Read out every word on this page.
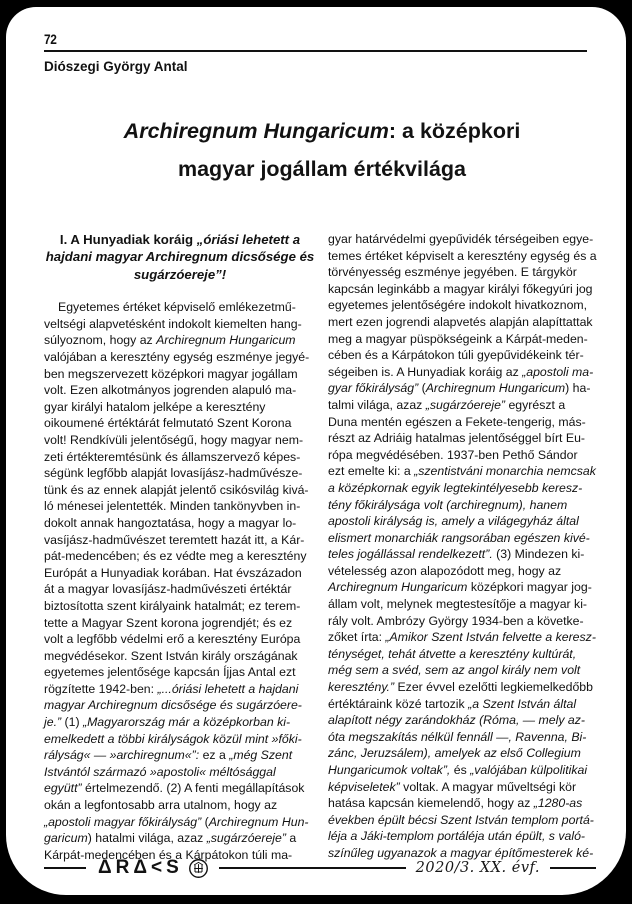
72
Diószegi György Antal
Archiregnum Hungaricum: a középkori
magyar jogállam értékvilága
I. A Hunyadiak koráig „óriási lehetett a
hajdani magyar Archiregnum dicsősége és
sugárzóereje”!
Egyetemes értéket képviselő emlékezetmű-
veltségi alapvetésként indokolt kiemelten hang-
súlyoznom, hogy az Archiregnum Hungaricum
valójában a keresztény egység eszménye jegyé-
ben megszervezett középkori magyar jogállam
volt. Ezen alkotmányos jogrenden alapuló ma-
gyar királyi hatalom jelképe a keresztény
oikoumené értéktárát felmutató Szent Korona
volt! Rendkívüli jelentőségű, hogy magyar nem-
zeti értékteremtésünk és államszervező képes-
ségünk legfőbb alapját lovasíjász-hadművésze-
tünk és az ennek alapját jelentő csikósvilág kivá-
ló ménesei jelentették. Minden tankönyvben in-
dokolt annak hangoztatása, hogy a magyar lo-
vasíjász-hadművészet teremtett hazát itt, a Kár-
pát-medencében; és ez védte meg a keresztény
Európát a Hunyadiak korában. Hat évszázadon
át a magyar lovasíjász-hadművészeti értéktár
biztosította szent királyaink hatalmát; ez terem-
tette a Magyar Szent korona jogrendjét; és ez
volt a legfőbb védelmi erő a keresztény Európa
megvédésekor. Szent István király országának
egyetemes jelentősége kapcsán Íjjas Antal ezt
rögzítette 1942-ben: „...óriási lehetett a hajdani
magyar Archiregnum dicsősége és sugárzóere-
je.” (1) „Magyarország már a középkorban ki-
emelkedett a többi királyságok közül mint »főki-
rályság« — »archiregnum«”: ez a „még Szent
Istvántól származó »apostoli« méltósággal
együtt” értelmezendő. (2) A fenti megállapítások
okán a legfontosabb arra utalnom, hogy az
„apostoli magyar főkirályság” (Archiregnum Hun-
garicum) hatalmi világa, azaz „sugárzóereje” a
Kárpát-medencében és a Kárpátokon túli ma-
gyar határvédelmi gyepűvidék térségeiben egye-
temes értéket képviselt a keresztény egység és a
törvényesség eszménye jegyében. E tárgykör
kapcsán leginkább a magyar királyi főkegyúri jog
egyetemes jelentőségére indokolt hivatkoznom,
mert ezen jogrendi alapvetés alapján alapíttattak
meg a magyar püspökségeink a Kárpát-meden-
cében és a Kárpátokon túli gyepűvidékeink tér-
ségeiben is. A Hunyadiak koráig az „apostoli ma-
gyar főkirályság” (Archiregnum Hungaricum) ha-
talmi világa, azaz „sugárzóereje” egyrészt a
Duna mentén egészen a Fekete-tengerig, más-
részt az Adriáig hatalmas jelentőséggel bírt Eu-
rópa megvédésében. 1937-ben Pethő Sándor
ezt emelte ki: a „szentistváni monarchia nemcsak
a középkornak egyik legtekintélyesebb keresz-
tény főkirálysága volt (archiregnum), hanem
apostoli királyság is, amely a világegyház által
elismert monarchiák rangsorában egészen kivé-
teles jogállással rendelkezett”. (3) Mindezen ki-
vételesség azon alapozódott meg, hogy az
Archiregnum Hungaricum középkori magyar jog-
állam volt, melynek megtestesítője a magyar ki-
rály volt. Ambrózy György 1934-ben a követke-
zőket írta: „Amikor Szent István felvette a keresz-
ténységet, tehát átvette a keresztény kultúrát,
még sem a svéd, sem az angol király nem volt
keresztény.” Ezer évvel ezelőtti legkiemelkedőbb
értéktáraink közé tartozik „a Szent István által
alapított négy zarándokház (Róma, — mely az-
óta megszakítás nélkül fennáll —, Ravenna, Bi-
zánc, Jeruzsálem), amelyek az első Collegium
Hungaricumok voltak”, és „valójában külpolitikai
képviseletek” voltak. A magyar műveltségi kör
hatása kapcsán kiemelendő, hogy az „1280-as
években épült bécsi Szent István templom portá-
léja a Jáki-templom portáléja után épült, s való-
színűleg ugyanazok a magyar építőmesterek ké-
ΔRΔ<S	2020/3. XX. évf.
